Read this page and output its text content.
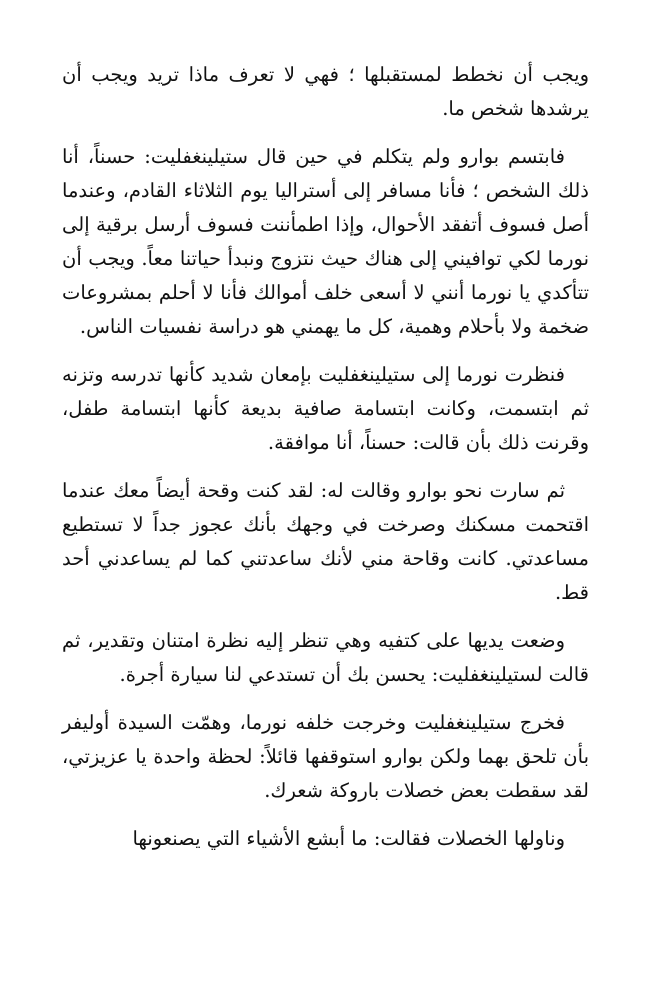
ويجب أن نخطط لمستقبلها ؛ فهي لا تعرف ماذا تريد ويجب أن يرشدها شخص ما.

فابتسم بوارو ولم يتكلم في حين قال ستيلينغفليت: حسناً، أنا ذلك الشخص ؛ فأنا مسافر إلى أستراليا يوم الثلاثاء القادم، وعندما أصل فسوف أتفقد الأحوال، وإذا اطمأننت فسوف أرسل برقية إلى نورما لكي توافيني إلى هناك حيث نتزوج ونبدأ حياتنا معاً. ويجب أن تتأكدي يا نورما أنني لا أسعى خلف أموالك فأنا لا أحلم بمشروعات ضخمة ولا بأحلام وهمية، كل ما يهمني هو دراسة نفسيات الناس.

فنظرت نورما إلى ستيلينغفليت بإمعان شديد كأنها تدرسه وتزنه ثم ابتسمت، وكانت ابتسامة صافية بديعة كأنها ابتسامة طفل، وقرنت ذلك بأن قالت: حسناً، أنا موافقة.

ثم سارت نحو بوارو وقالت له: لقد كنت وقحة أيضاً معك عندما اقتحمت مسكنك وصرخت في وجهك بأنك عجوز جداً لا تستطيع مساعدتي. كانت وقاحة مني لأنك ساعدتني كما لم يساعدني أحد قط.

وضعت يديها على كتفيه وهي تنظر إليه نظرة امتنان وتقدير، ثم قالت لستيلينغفليت: يحسن بك أن تستدعي لنا سيارة أجرة.

فخرج ستيلينغفليت وخرجت خلفه نورما، وهمّت السيدة أوليفر بأن تلحق بهما ولكن بوارو استوقفها قائلاً: لحظة واحدة يا عزيزتي، لقد سقطت بعض خصلات باروكة شعرك.

وناولها الخصلات فقالت: ما أبشع الأشياء التي يصنعونها
